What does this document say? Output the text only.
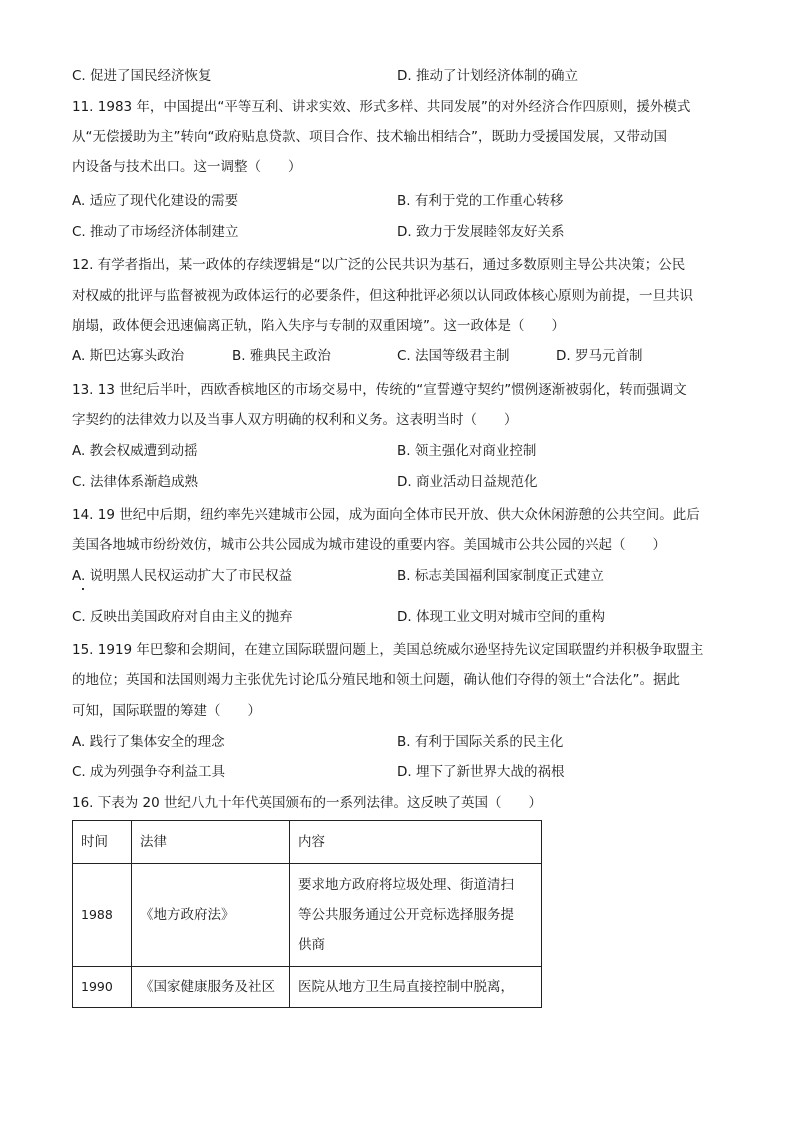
C. 促进了国民经济恢复	D. 推动了计划经济体制的确立
11. 1983 年，中国提出“平等互利、讲求实效、形式多样、共同发展”的对外经济合作四原则，援外模式
从“无偿援助为主”转向“政府贴息贷款、项目合作、技术输出相结合”，既助力受援国发展，又带动国
内设备与技术出口。这一调整（　　）
A. 适应了现代化建设的需要	B. 有利于党的工作重心转移
C. 推动了市场经济体制建立	D. 致力于发展睦邻友好关系
12. 有学者指出，某一政体的存续逻辑是“以广泛的公民共识为基石，通过多数原则主导公共决策；公民
对权威的批评与监督被视为政体运行的必要条件，但这种批评必须以认同政体核心原则为前提，一旦共识
崩塌，政体便会迅速偏离正轨，陷入失序与专制的双重困境”。这一政体是（　　）
A. 斯巴达寡头政治	B. 雅典民主政治	C. 法国等级君主制	D. 罗马元首制
13. 13 世纪后半叶，西欧香槟地区的市场交易中，传统的“宣誓遵守契约”惯例逐渐被弱化，转而强调文
字契约的法律效力以及当事人双方明确的权利和义务。这表明当时（　　）
A. 教会权威遭到动摇	B. 领主强化对商业控制
C. 法律体系渐趋成熟	D. 商业活动日益规范化
14. 19 世纪中后期，纽约率先兴建城市公园，成为面向全体市民开放、供大众休闲游憩的公共空间。此后
美国各地城市纷纷效仿，城市公共公园成为城市建设的重要内容。美国城市公共公园的兴起（　　）
A. 说明黑人民权运动扩大了市民权益	B. 标志美国福利国家制度正式建立
C. 反映出美国政府对自由主义的抛弃	D. 体现工业文明对城市空间的重构
15. 1919 年巴黎和会期间，在建立国际联盟问题上，美国总统威尔逊坚持先议定国联盟约并积极争取盟主
的地位；英国和法国则竭力主张优先讨论瓜分殖民地和领土问题，确认他们夺得的领土“合法化”。据此
可知，国际联盟的筹建（　　）
A. 践行了集体安全的理念	B. 有利于国际关系的民主化
C. 成为列强争夺利益工具	D. 埋下了新世界大战的祸根
16. 下表为 20 世纪八九十年代英国颁布的一系列法律。这反映了英国（　　）
时间	法律	内容
1988	《地方政府法》	要求地方政府将垃圾处理、街道清扫等公共服务通过公开竞标选择服务提供商

1990	《国家健康服务及社区	医院从地方卫生局直接控制中脱离，
